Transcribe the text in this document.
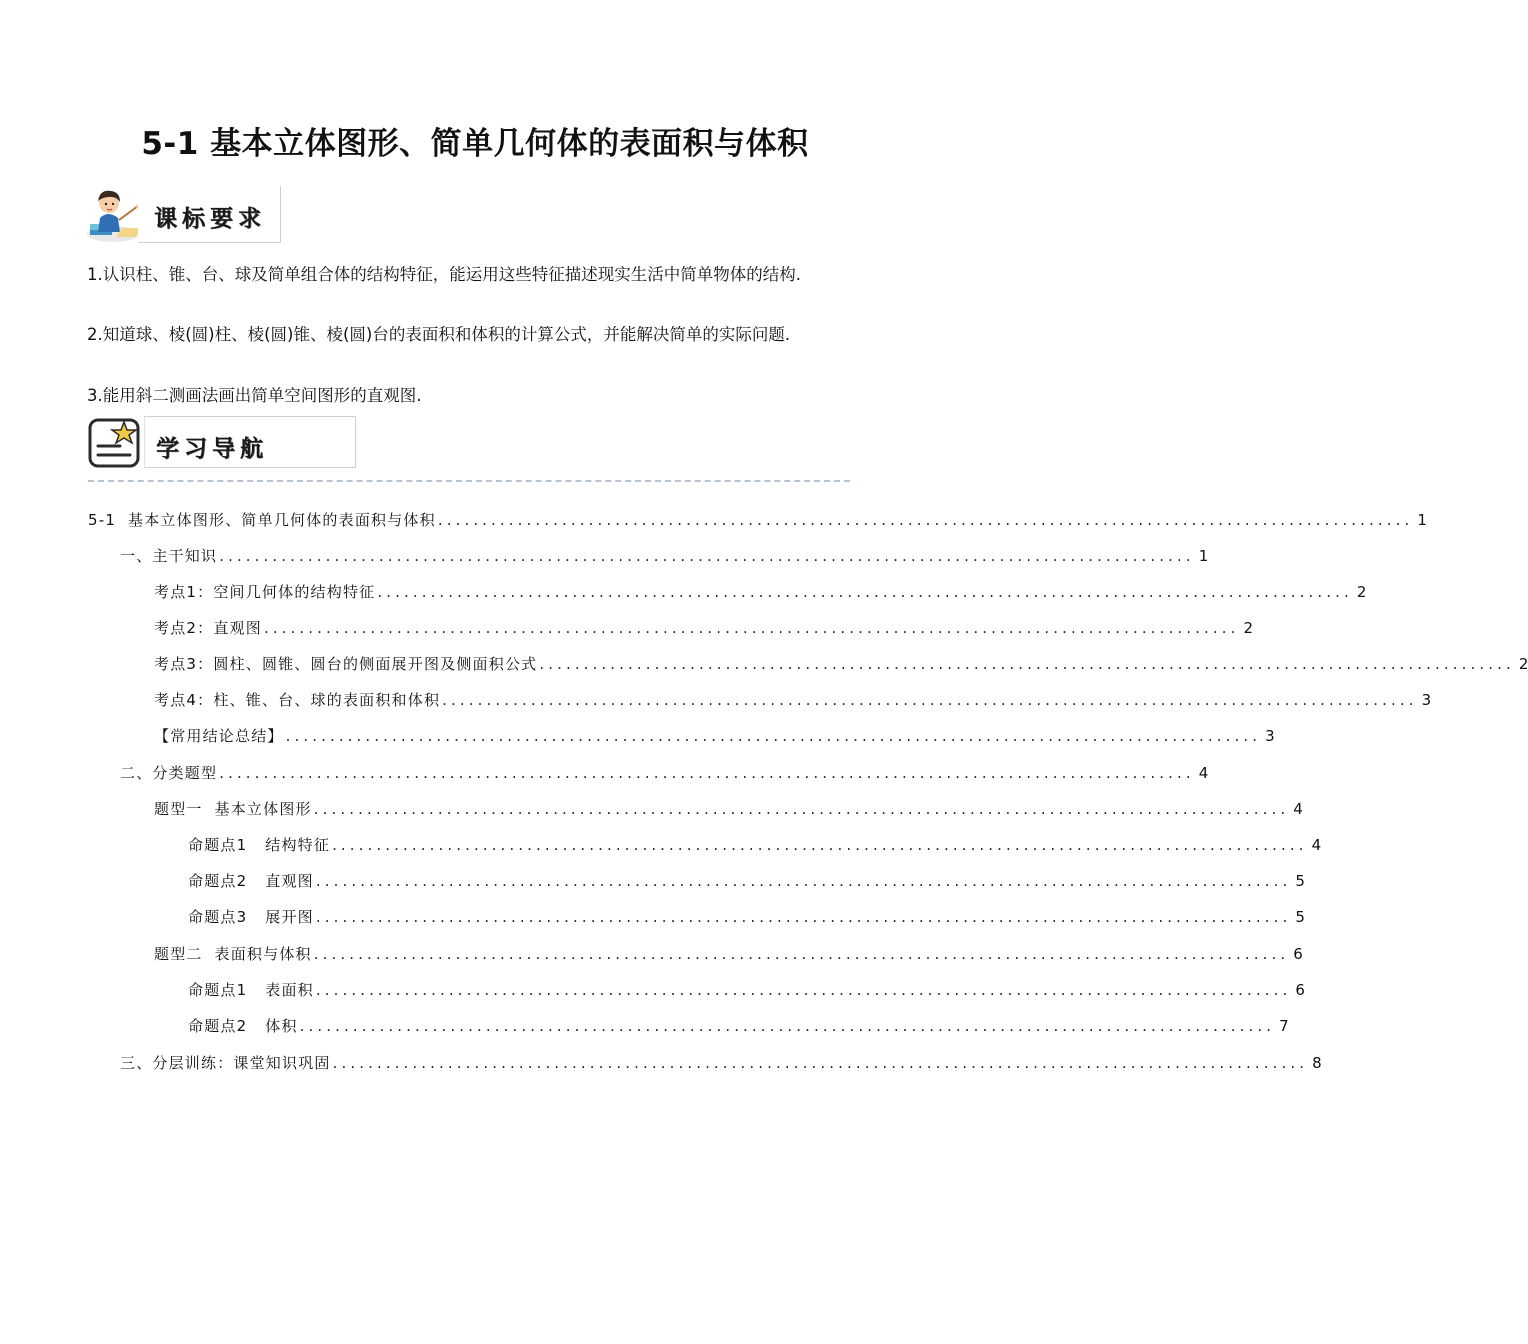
5-1 基本立体图形、简单几何体的表面积与体积
课标要求
1.认识柱、锥、台、球及简单组合体的结构特征，能运用这些特征描述现实生活中简单物体的结构.
2.知道球、棱(圆)柱、棱(圆)锥、棱(圆)台的表面积和体积的计算公式，并能解决简单的实际问题.
3.能用斜二测画法画出简单空间图形的直观图.
学习导航
5-1  基本立体图形、简单几何体的表面积与体积 .............................................................................................................. 1
一、主干知识 .............................................................................................................. 1
考点1：空间几何体的结构特征 .............................................................................................................. 2
考点2：直观图 .............................................................................................................. 2
考点3：圆柱、圆锥、圆台的侧面展开图及侧面积公式 .............................................................................................................. 2
考点4：柱、锥、台、球的表面积和体积 .............................................................................................................. 3
【常用结论总结】 .............................................................................................................. 3
二、分类题型 .............................................................................................................. 4
题型一  基本立体图形 .............................................................................................................. 4
命题点1   结构特征 .............................................................................................................. 4
命题点2   直观图 .............................................................................................................. 5
命题点3   展开图 .............................................................................................................. 5
题型二  表面积与体积 .............................................................................................................. 6
命题点1   表面积 .............................................................................................................. 6
命题点2   体积 .............................................................................................................. 7
三、分层训练：课堂知识巩固 .............................................................................................................. 8
